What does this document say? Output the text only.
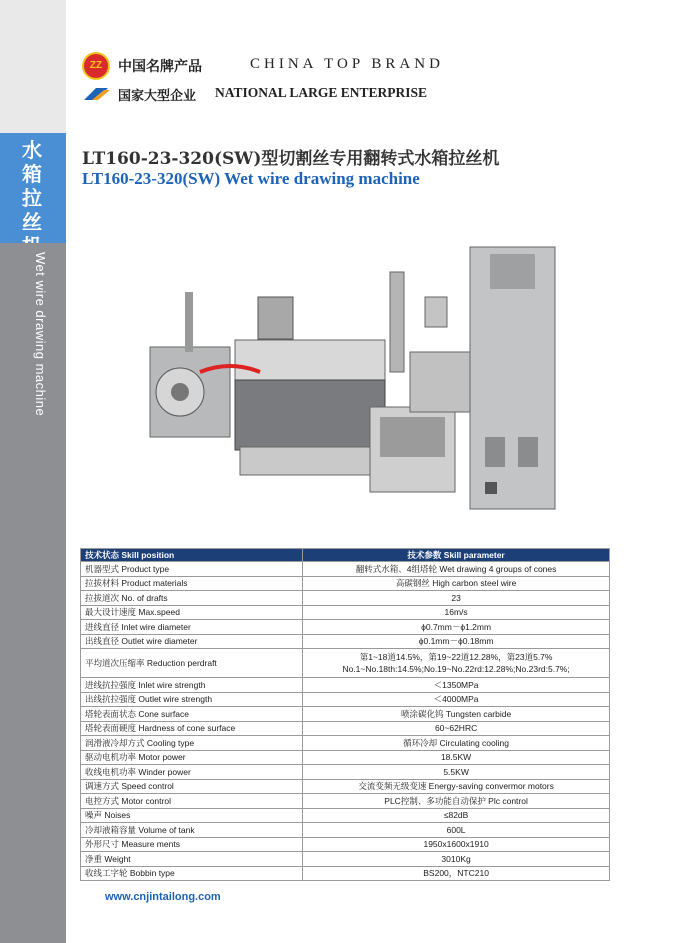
水箱拉丝
Wet wire drawing machine
ZZ	中国名牌产品	CHINA TOP BRAND
国家大型企业 NATIONAL LARGE ENTERPRISE
LT160-23-320(SW)型切割丝专用翻转式水箱拉丝机
LT160-23-320(SW) Wet wire drawing machine
技术状态 Skill position	技术参数 Skill parameter
机器型式 Product type	翻转式水箱、4组塔轮 Wet drawing 4 groups of cones
拉拔材料 Product materials	高碳钢丝 High carbon steel wire
拉拔道次 No. of drafts	23
最大设计速度 Max.speed	16m/s
进线直径 Inlet wire diameter	ϕ0.7mm－ϕ1.2mm
出线直径 Outlet wire diameter	ϕ0.1mm－ϕ0.18mm
平均道次压缩率 Reduction perdraft	第1~18道14.5%，第19~22道12.28%，第23道5.7%
No.1~No.18th:14.5%;No.19~No.22rd:12.28%;No.23rd:5.7%;

进线抗拉强度 Inlet wire strength	＜1350MPa
出线抗拉强度 Outlet wire strength	＜4000MPa
塔轮表面状态 Cone surface	喷涂碳化钨 Tungsten carbide
塔轮表面硬度 Hardness of cone surface	60~62HRC
润滑液冷却方式 Cooling type	循环冷却 Circulating cooling
驱动电机功率 Motor power	18.5KW
收线电机功率 Winder power	5.5KW
调速方式 Speed control	交流变频无级变速 Energy-saving convermor motors
电控方式 Motor control	PLC控制、多功能自动保护 Plc control
噪声 Noises	≤82dB
冷却液箱容量 Volume of tank	600L
外形尺寸 Measure ments	1950x1600x1910
净重 Weight	3010Kg
收线工字轮 Bobbin type	BS200，NTC210
www.cnjintailong.com
